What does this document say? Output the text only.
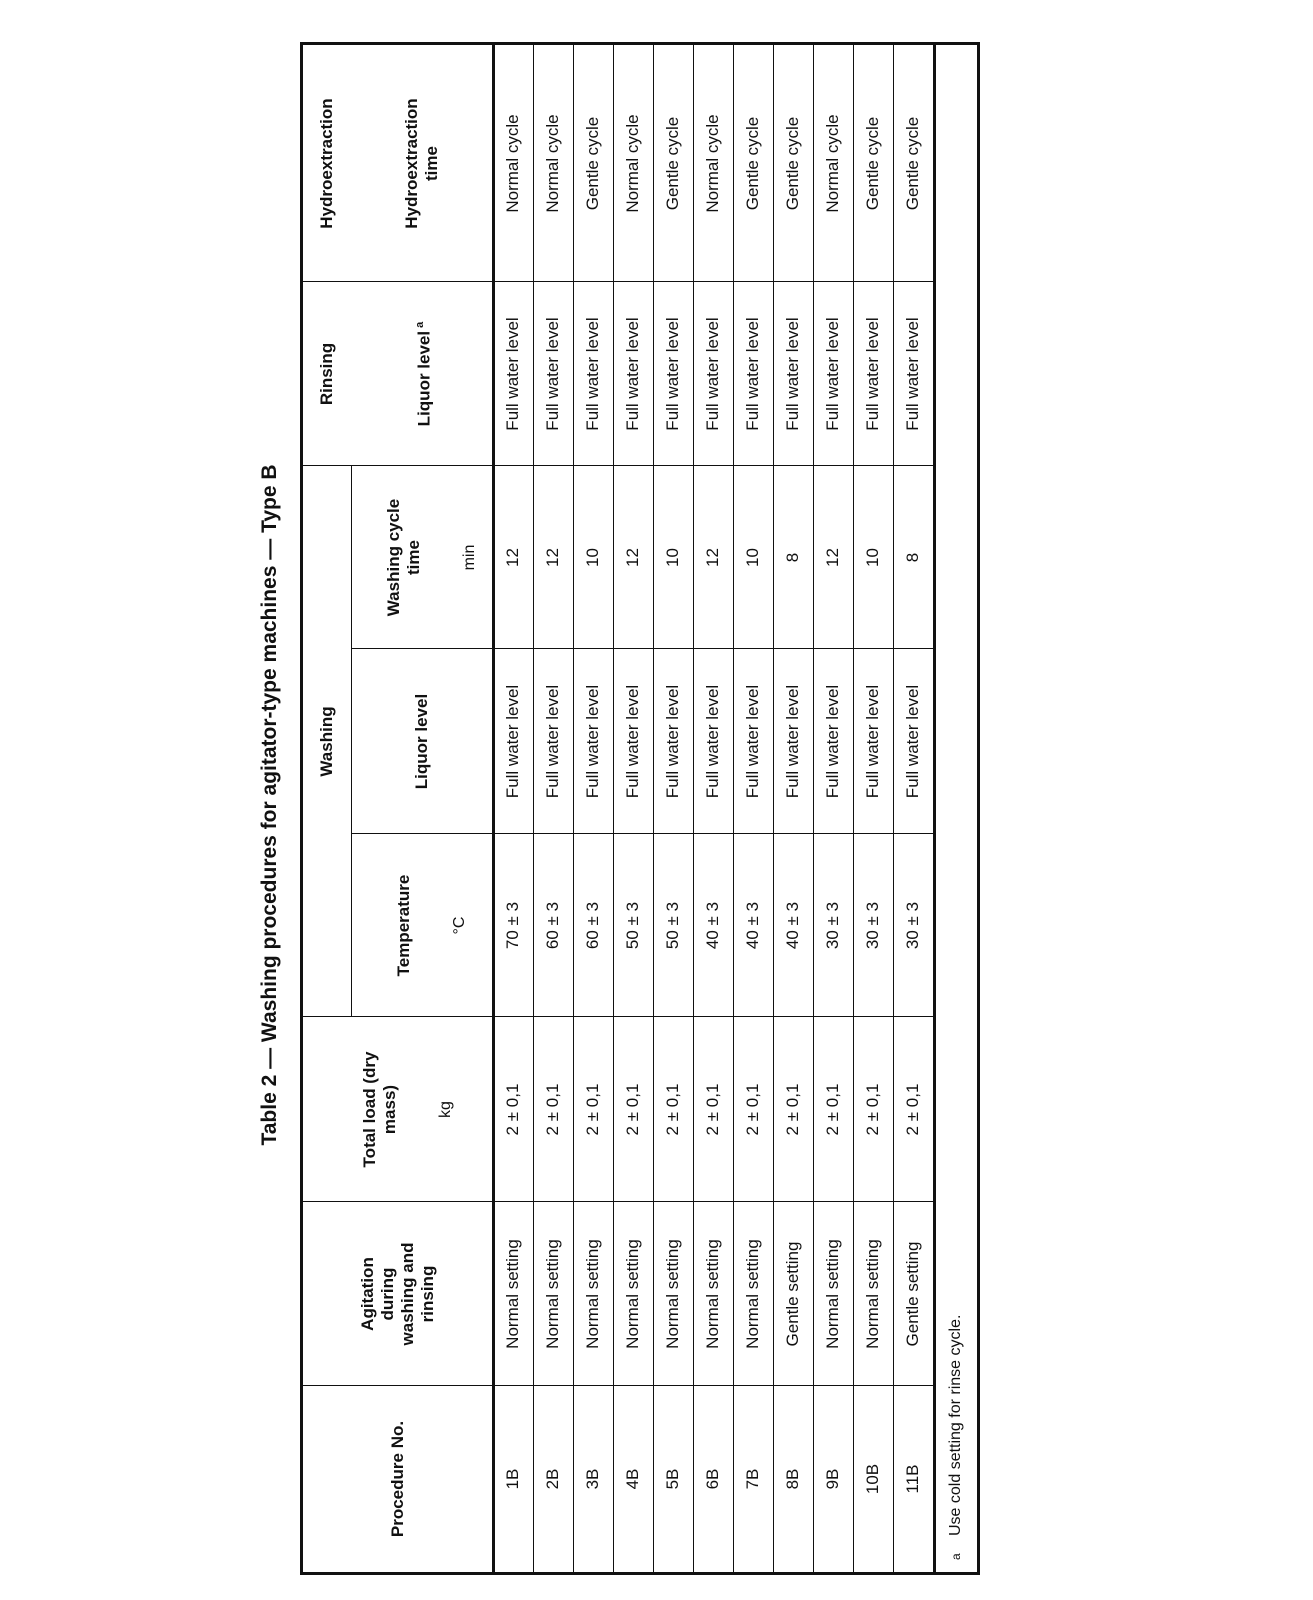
Table 2 — Washing procedures for agitator-type machines — Type B	Washing
Rinsing
Hydroextraction
Procedure No.
Agitation during washing and rinsing
Total load (dry mass) kg
Temperature °C
Liquor level
Washing cycle time min
Liquor level $^a$
Hydroextraction time
1B
Normal setting
2 ± 0,1
70 ± 3
Full water level
12
Full water level
Normal cycle
2B
Normal setting
2 ± 0,1
60 ± 3
Full water level
12
Full water level
Normal cycle
3B
Normal setting
2 ± 0,1
60 ± 3
Full water level
10
Full water level
Gentle cycle
4B
Normal setting
2 ± 0,1
50 ± 3
Full water level
12
Full water level
Normal cycle
5B
Normal setting
2 ± 0,1
50 ± 3
Full water level
10
Full water level
Gentle cycle
6B
Normal setting
2 ± 0,1
40 ± 3
Full water level
12
Full water level
Normal cycle
7B
Normal setting
2 ± 0,1
40 ± 3
Full water level
10
Full water level
Gentle cycle
8B
Gentle setting
2 ± 0,1
40 ± 3
Full water level
8
Full water level
Gentle cycle
9B
Normal setting
2 ± 0,1
30 ± 3
Full water level
12
Full water level
Normal cycle
10B
Normal setting
2 ± 0,1
30 ± 3
Full water level
10
Full water level
Gentle cycle
11B
Gentle setting
2 ± 0,1
30 ± 3
Full water level
8
Full water level
Gentle cycle
a
Use cold setting for rinse cycle.
